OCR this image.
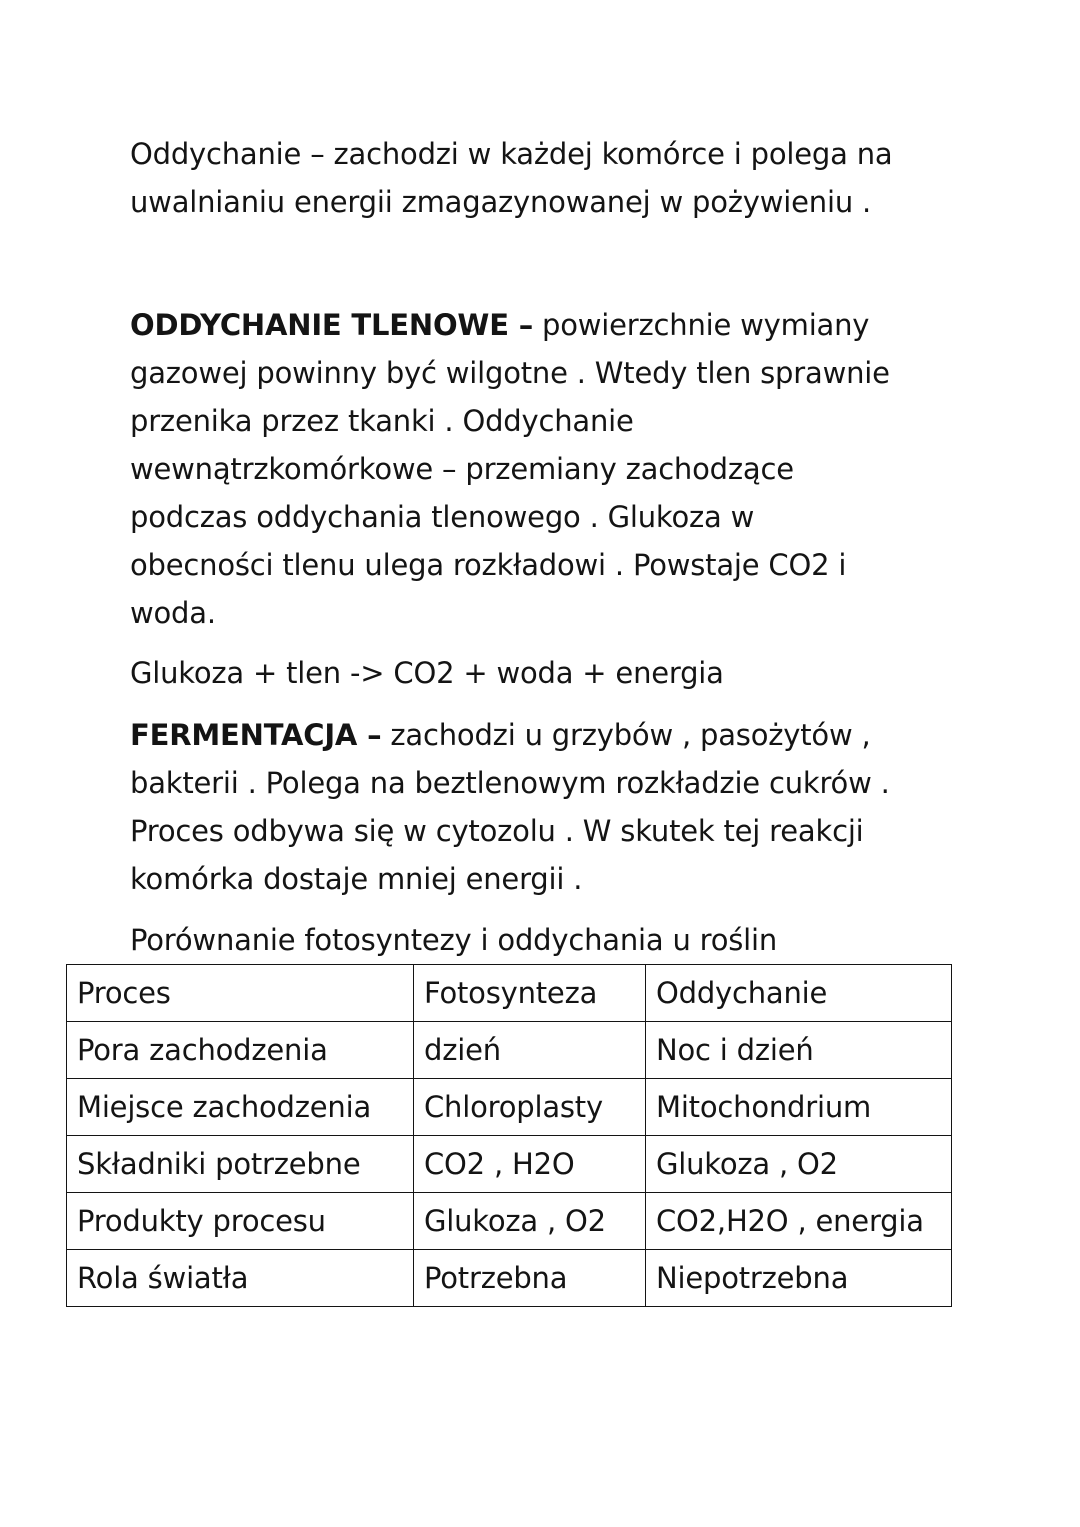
Oddychanie – zachodzi w każdej komórce i polega na
uwalnianiu energii zmagazynowanej w pożywieniu .

ODDYCHANIE TLENOWE – powierzchnie wymiany
gazowej powinny być wilgotne . Wtedy tlen sprawnie
przenika przez tkanki . Oddychanie
wewnątrzkomórkowe – przemiany zachodzące
podczas oddychania tlenowego . Glukoza w
obecności tlenu ulega rozkładowi . Powstaje CO2 i
woda.

Glukoza + tlen -> CO2 + woda + energia

FERMENTACJA – zachodzi u grzybów , pasożytów ,
bakterii . Polega na beztlenowym rozkładzie cukrów .
Proces odbywa się w cytozolu . W skutek tej reakcji
komórka dostaje mniej energii .

Porównanie fotosyntezy i oddychania u roślin

Proces	Fotosynteza	Oddychanie
Pora zachodzenia	dzień	Noc i dzień
Miejsce zachodzenia	Chloroplasty	Mitochondrium
Składniki potrzebne	CO2 , H2O	Glukoza , O2
Produkty procesu	Glukoza , O2	CO2,H2O , energia
Rola światła	Potrzebna	Niepotrzebna
